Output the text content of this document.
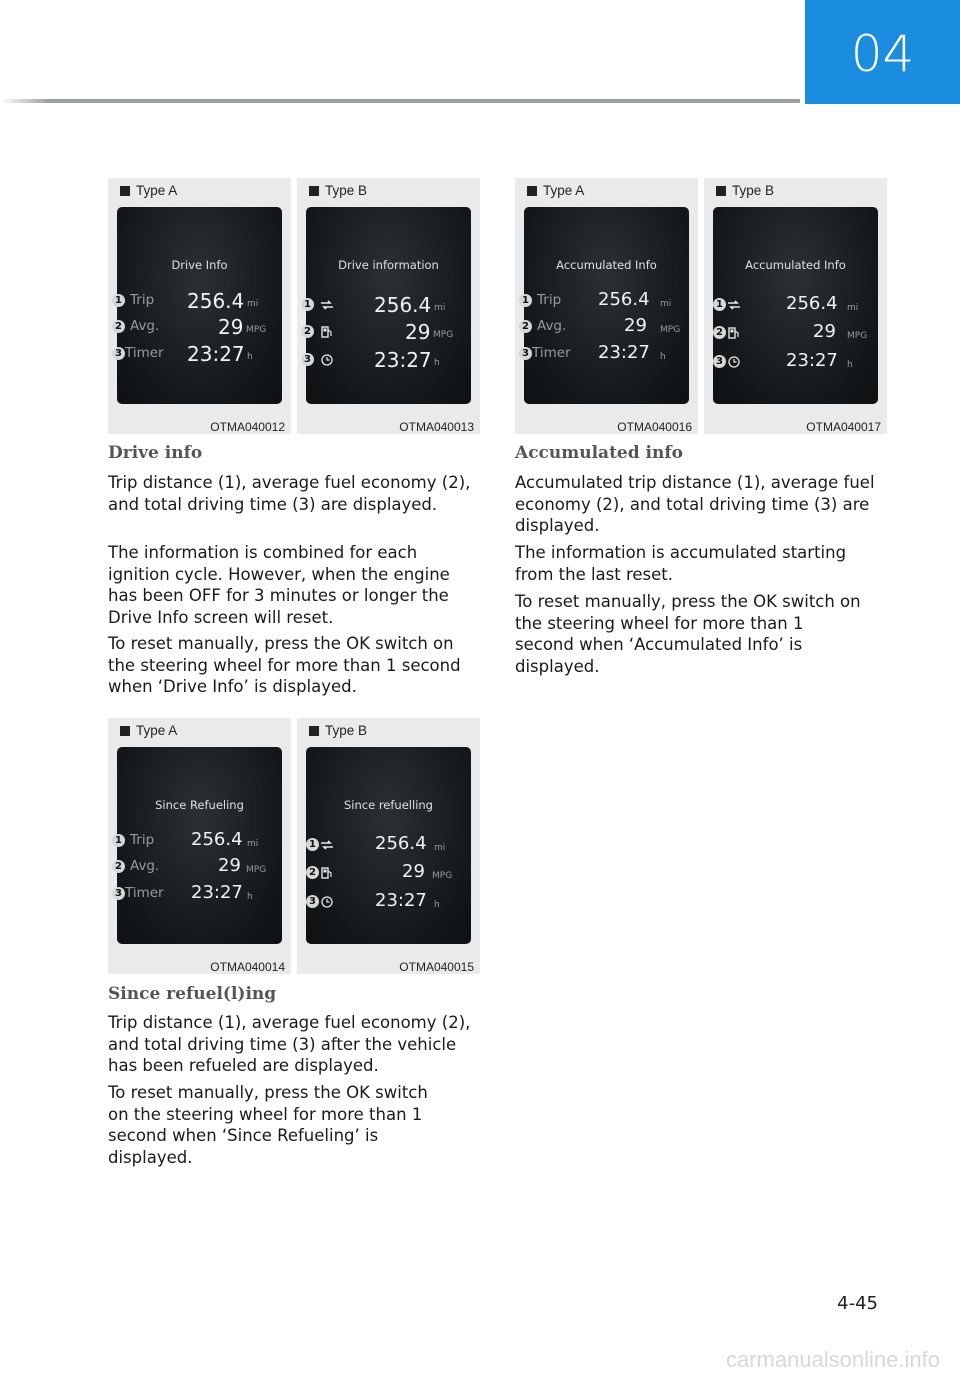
04
Type A
Drive Info
1 Trip 256.4 mi
2 Avg.	29 MPG
3 Timer 23:27 h
OTMA040012
Type B
Drive information
1	256.4 mi
2	29 MPG
3	23:27 h
OTMA040013
Type A
Accumulated Info
1 Trip 256.4 mi
2 Avg.	29 MPG
3 Timer 23:27 h
OTMA040016
Type B
Accumulated Info
1	256.4 mi
2	29 MPG
3	23:27 h
OTMA040017
Type A
Since Refueling
1 Trip 256.4 mi
2 Avg.	29 MPG
3 Timer 23:27 h
OTMA040014
Type B
Since refuelling
1	256.4 mi
2	29 MPG
3	23:27 h
OTMA040015
Drive info
Trip distance (1), average fuel economy (2), and total driving time (3) are displayed.
The information is combined for each ignition cycle. However, when the engine has been OFF for 3 minutes or longer the Drive Info screen will reset.
To reset manually, press the OK switch on the steering wheel for more than 1 second when ‘Drive Info’ is displayed.
Since refuel(l)ing
Trip distance (1), average fuel economy (2), and total driving time (3) after the vehicle has been refueled are displayed.
To reset manually, press the OK switch on the steering wheel for more than 1 second when ‘Since Refueling’ is displayed.
Accumulated info
Accumulated trip distance (1), average fuel economy (2), and total driving time (3) are displayed.
The information is accumulated starting from the last reset.
To reset manually, press the OK switch on the steering wheel for more than 1 second when ‘Accumulated Info’ is displayed.
4-45
carmanualsonline.info
